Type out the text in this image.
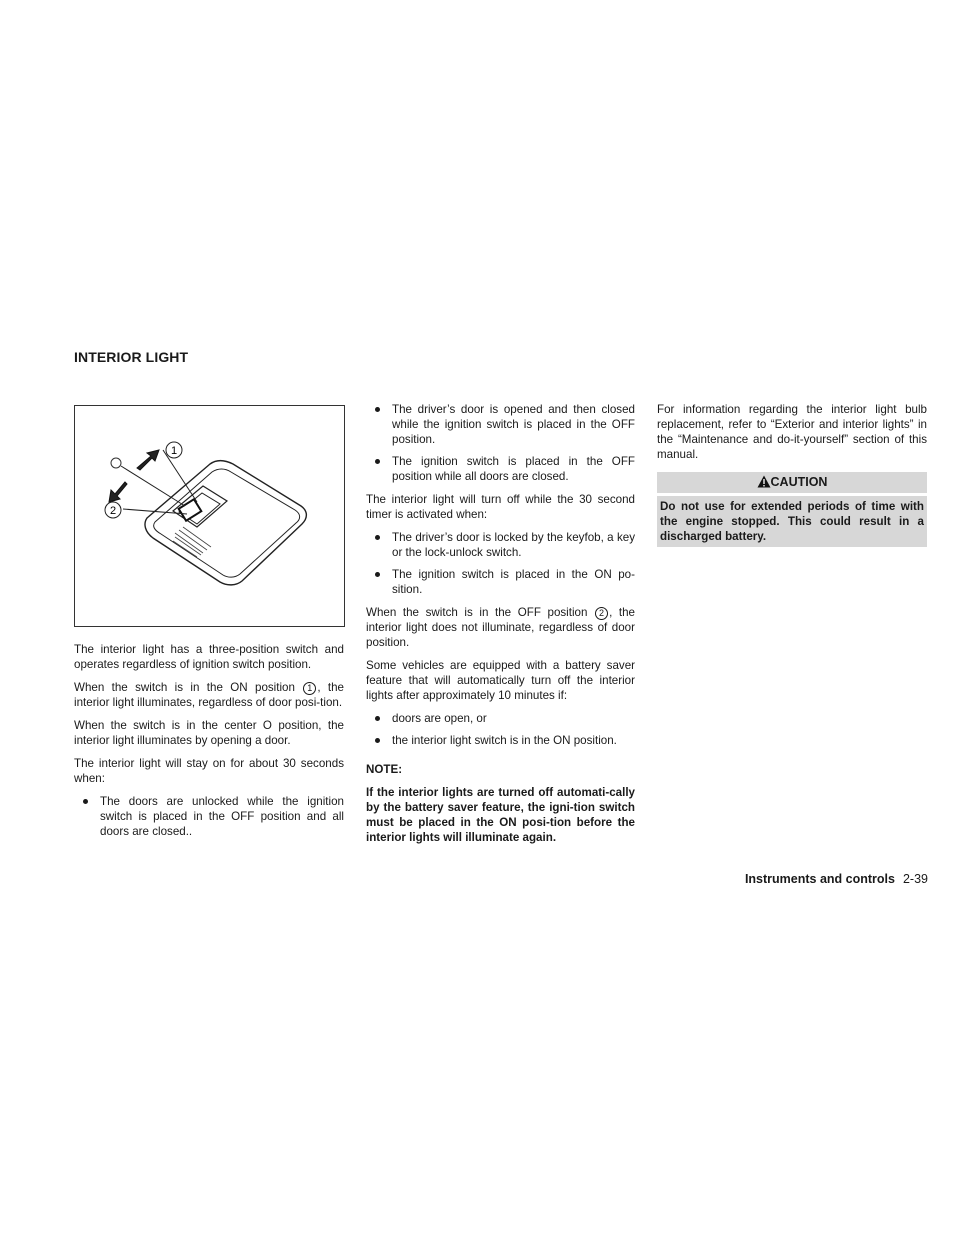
INTERIOR LIGHT
1
2

The interior light has a three-position switch and operates regardless of ignition switch position.

When the switch is in the ON position 1 , the interior light illuminates, regardless of door posi-tion.

When the switch is in the center O position, the interior light illuminates by opening a door.

The interior light will stay on for about 30 seconds when:

The doors are unlocked while the ignition switch is placed in the OFF position and all doors are closed..
The driver’s door is opened and then closed while the ignition switch is placed in the OFF position.
The ignition switch is placed in the OFF position while all doors are closed.

The interior light will turn off while the 30 second timer is activated when:

The driver’s door is locked by the keyfob, a key or the lock-unlock switch.
The ignition switch is placed in the ON po-sition.

When the switch is in the OFF position 2 , the interior light does not illuminate, regardless of door position.

Some vehicles are equipped with a battery saver feature that will automatically turn off the interior lights after approximately 10 minutes if:

doors are open, or
the interior light switch is in the ON position.

NOTE:

If the interior lights are turned off automati-cally by the battery saver feature, the igni-tion switch must be placed in the ON posi-tion before the interior lights will illuminate again.

For information regarding the interior light bulb replacement, refer to “Exterior and interior lights” in the “Maintenance and do-it-yourself” section of this manual.

CAUTION
Do not use for extended periods of time with the engine stopped. This could result in a discharged battery.
Instruments and controls 2-39
